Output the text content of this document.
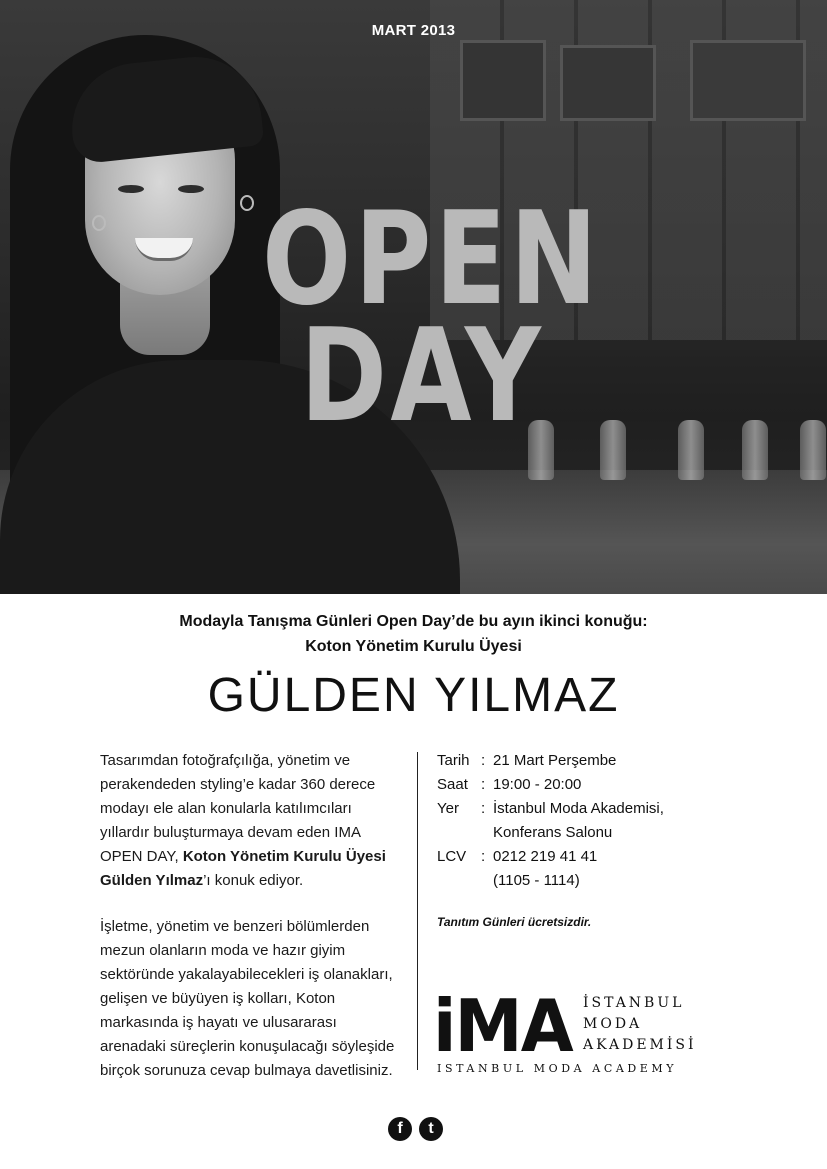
MART 2013
OPEN
DAY
Modayla Tanışma Günleri Open Day’de bu ayın ikinci konuğu:
Koton Yönetim Kurulu Üyesi
GÜLDEN YILMAZ
Tasarımdan fotoğrafçılığa, yönetim ve perakendeden styling’e kadar 360 derece modayı ele alan konularla katılımcıları yıllardır buluşturmaya devam eden IMA OPEN DAY, Koton Yönetim Kurulu Üyesi Gülden Yılmaz’ı konuk ediyor.
İşletme, yönetim ve benzeri bölümlerden mezun olanların moda ve hazır giyim sektöründe yakalayabilecekleri iş olanakları, gelişen ve büyüyen iş kolları, Koton markasında iş hayatı ve ulusararası arenadaki süreçlerin konuşulacağı söyleşide birçok sorunuza cevap bulmaya davetlisiniz.
Tarih : 21 Mart Perşembe
Saat : 19:00 - 20:00
Yer : İstanbul Moda Akademisi,
Konferans Salonu
LCV : 0212 219 41 41
(1105 - 1114)
Tanıtım Günleri ücretsizdir.
iMA İSTANBUL
MODA
AKADEMİSİ
ISTANBUL MODA ACADEMY
f	t
